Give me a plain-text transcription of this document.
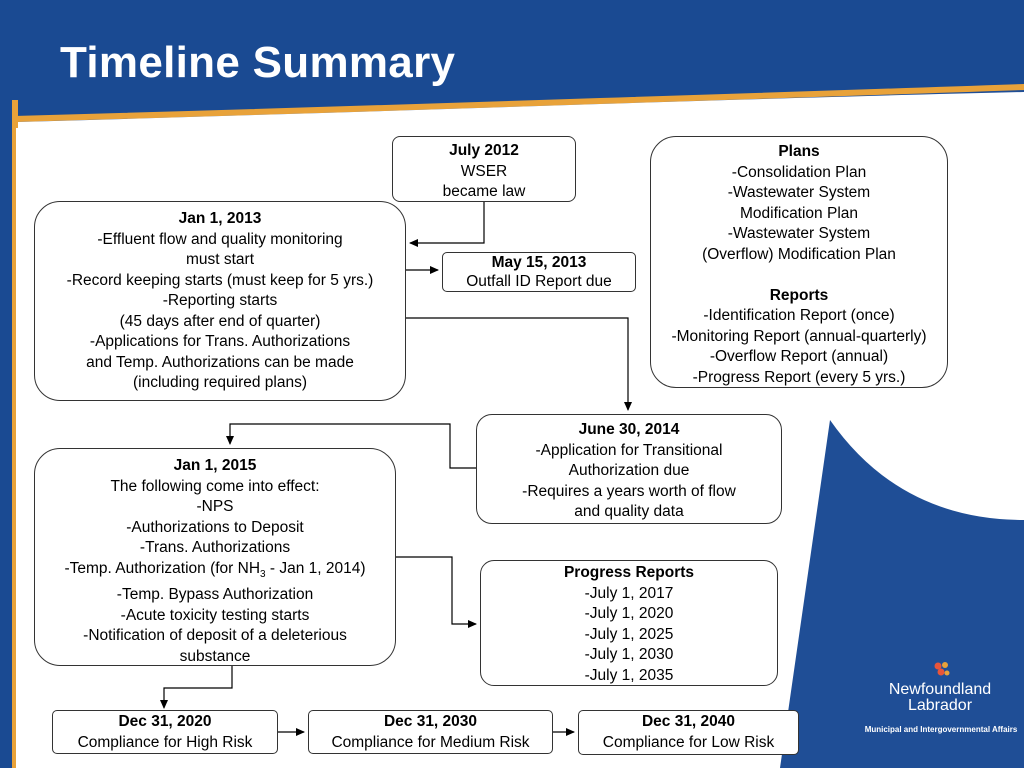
Timeline Summary
July 2012
WSER
became law
Plans
-Consolidation Plan
-Wastewater System
Modification Plan
-Wastewater System
(Overflow) Modification Plan

Reports
-Identification Report (once)
-Monitoring Report (annual-quarterly)
-Overflow Report (annual)
-Progress Report (every 5 yrs.)
Jan 1, 2013
-Effluent flow and quality monitoring
must start
-Record keeping starts (must keep for 5 yrs.)
-Reporting starts
(45 days after end of quarter)
-Applications for Trans. Authorizations
and Temp. Authorizations can be made
(including required plans)
May 15, 2013
Outfall ID Report due
June 30, 2014
-Application for Transitional
Authorization due
-Requires a years worth of flow
and quality data
Jan 1, 2015
The following come into effect:
-NPS
-Authorizations to Deposit
-Trans. Authorizations
-Temp. Authorization (for $NH_3$ - Jan 1, 2014)
-Temp. Bypass Authorization
-Acute toxicity testing starts
-Notification of deposit of a deleterious
substance
Progress Reports
-July 1, 2017
-July 1, 2020
-July 1, 2025
-July 1, 2030
-July 1, 2035
Dec 31, 2020
Compliance for High Risk
Dec 31, 2030
Compliance for Medium Risk
Dec 31, 2040
Compliance for Low Risk
Newfoundland
Labrador
Municipal and Intergovernmental Affairs
